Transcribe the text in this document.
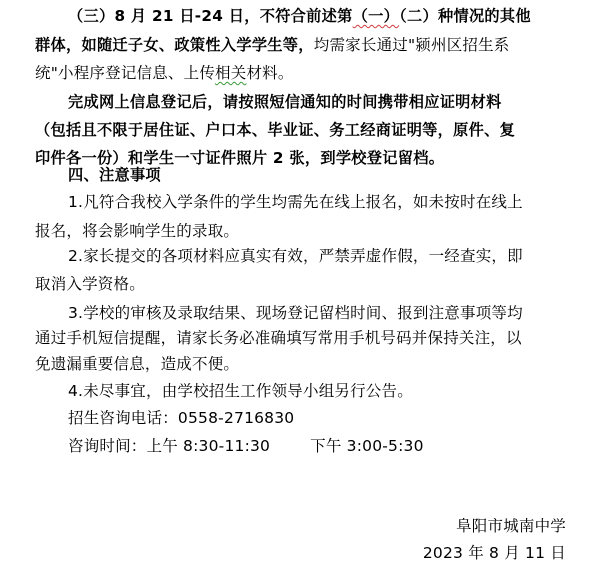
（三）8 月 21 日-24 日，不符合前述第（一）（二）种情况的其他
群体，如随迁子女、政策性入学学生等，均需家长通过"颍州区招生系
统"小程序登记信息、上传相关材料。
完成网上信息登记后，请按照短信通知的时间携带相应证明材料
（包括且不限于居住证、户口本、毕业证、务工经商证明等，原件、复
印件各一份）和学生一寸证件照片 2 张，到学校登记留档。
四、注意事项
1.凡符合我校入学条件的学生均需先在线上报名，如未按时在线上
报名，将会影响学生的录取。
2.家长提交的各项材料应真实有效，严禁弄虚作假，一经查实，即
取消入学资格。
3.学校的审核及录取结果、现场登记留档时间、报到注意事项等均
通过手机短信提醒，请家长务必准确填写常用手机号码并保持关注，以
免遗漏重要信息，造成不便。
4.未尽事宜，由学校招生工作领导小组另行公告。
招生咨询电话：0558-2716830
咨询时间：上午 8:30-11:30	下午 3:00-5:30
阜阳市城南中学
2023 年 8 月 11 日
